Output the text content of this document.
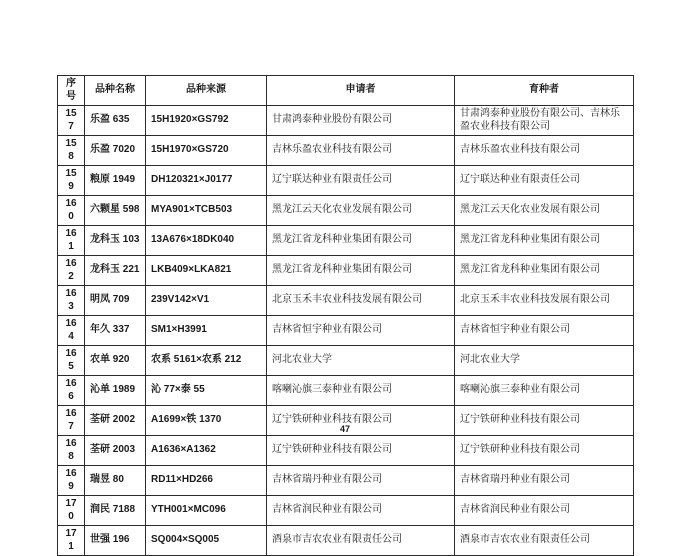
序号	品种名称	品种来源	申请者	育种者
157	乐盈 635	15H1920×GS792	甘肃鸿泰种业股份有限公司	甘肃鸿泰种业股份有限公司、吉林乐盈农业科技有限公司
158	乐盈 7020	15H1970×GS720	吉林乐盈农业科技有限公司	吉林乐盈农业科技有限公司
159	粮原 1949	DH120321×J0177	辽宁联达种业有限责任公司	辽宁联达种业有限责任公司
160	六颗星 598	MYA901×TCB503	黑龙江云天化农业发展有限公司	黑龙江云天化农业发展有限公司
161	龙科玉 103	13A676×18DK040	黑龙江省龙科种业集团有限公司	黑龙江省龙科种业集团有限公司
162	龙科玉 221	LKB409×LKA821	黑龙江省龙科种业集团有限公司	黑龙江省龙科种业集团有限公司
163	明凤 709	239V142×V1	北京玉禾丰农业科技发展有限公司	北京玉禾丰农业科技发展有限公司
164	年久 337	SM1×H3991	吉林省恒宇种业有限公司	吉林省恒宇种业有限公司
165	农单 920	农系 5161×农系 212	河北农业大学	河北农业大学
166	沁单 1989	沁 77×泰 55	喀喇沁旗三泰种业有限公司	喀喇沁旗三泰种业有限公司
167	荃研 2002	A1699×铁 1370	辽宁铁研种业科技有限公司	辽宁铁研种业科技有限公司
168	荃研 2003	A1636×A1362	辽宁铁研种业科技有限公司	辽宁铁研种业科技有限公司
169	瑞昱 80	RD11×HD266	吉林省瑞丹种业有限公司	吉林省瑞丹种业有限公司
170	润民 7188	YTH001×MC096	吉林省润民种业有限公司	吉林省润民种业有限公司
171	世强 196	SQ004×SQ005	酒泉市吉农农业有限责任公司	酒泉市吉农农业有限责任公司
47
